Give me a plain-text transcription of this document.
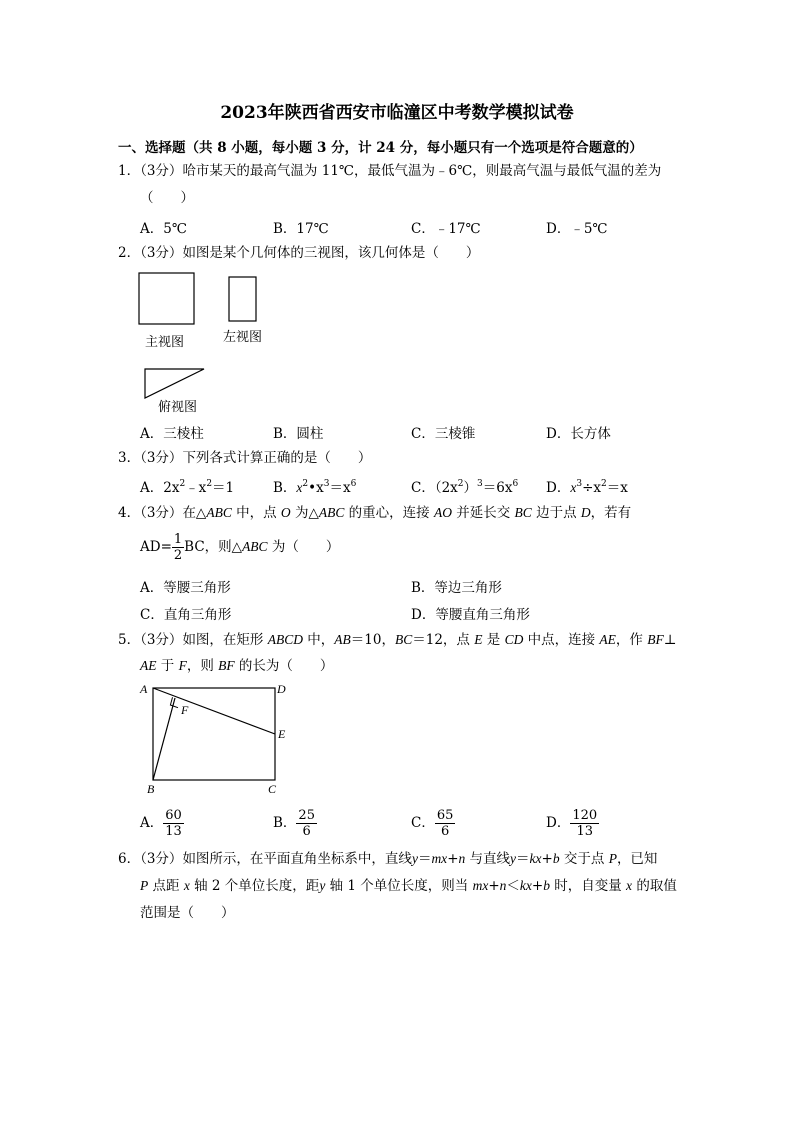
2023年陕西省西安市临潼区中考数学模拟试卷
一、选择题（共 8 小题，每小题 3 分，计 24 分，每小题只有一个选项是符合题意的）
1．（3分）哈市某天的最高气温为 11℃，最低气温为﹣6℃，则最高气温与最低气温的差为
（　　）
A．5℃	B．17℃	C．﹣17℃	D．﹣5℃
2．（3分）如图是某个几何体的三视图，该几何体是（　　）
主视图	左视图
俯视图
A．三棱柱	B．圆柱	C．三棱锥	D．长方体
3．（3分）下列各式计算正确的是（　　）
A．$2x^2﹣x^2=1$	B．$x^2•x^3=x^6$	C．$(2x^2)^3=6x^6$ D．$x^3\div x^2=x$
4．（3分）在△ABC 中，点 O 为△ABC 的重心，连接 AO 并延长交 BC 边于点 D，若有
$AD= \frac{1}{2}$ BC，则△ABC 为（　　）
A．等腰三角形	B．等边三角形
C．直角三角形	D．等腰直角三角形
5．（3分）如图，在矩形 ABCD 中，AB＝10，BC＝12，点 E 是 CD 中点，连接 AE，作 BF⊥
AE 于 F，则 BF 的长为（　　）
A	D
E
F
B	C
A． $\frac{60}{13}$	B． $\frac{25}{6}$	C． $\frac{65}{6}$	D． $\frac{120}{13}$
6．（3分）如图所示，在平面直角坐标系中，直线y＝mx+n 与直线y＝kx+b 交于点 P，已知
P 点距 x 轴 2 个单位长度，距y 轴 1 个单位长度，则当 mx+n＜kx+b 时，自变量 x 的取值
范围是（　　）
